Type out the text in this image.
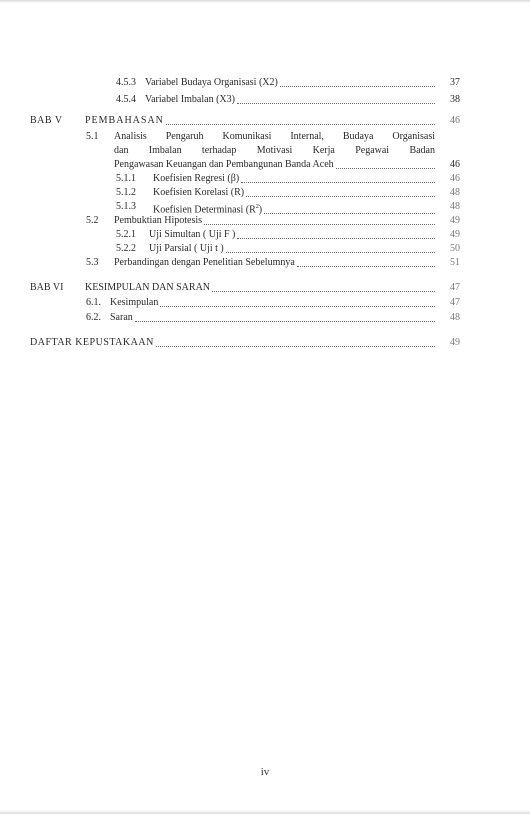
4.5.3 Variabel Budaya Organisasi (X2)	37
4.5.4 Variabel Imbalan (X3)	38
BAB V PEMBAHASAN	46
5.1 Analisis Pengaruh Komunikasi Internal, Budaya Organisasi
dan Imbalan terhadap Motivasi Kerja Pegawai Badan
Pengawasan Keuangan dan Pembangunan Banda Aceh	46
5.1.1 Koefisien Regresi (β)	46
5.1.2 Koefisien Korelasi (R)	48
5.1.3 Koefisien Determinasi $(R^2)$	48
5.2 Pembuktian Hipotesis	49
5.2.1 Uji Simultan ( Uji F )	49
5.2.2 Uji Parsial ( Uji t )	50
5.3 Perbandingan dengan Penelitian Sebelumnya	51
BAB VI KESIMPULAN DAN SARAN	47
6.1. Kesimpulan	47
6.2. Saran	48
DAFTAR KEPUSTAKAAN	49
iv
